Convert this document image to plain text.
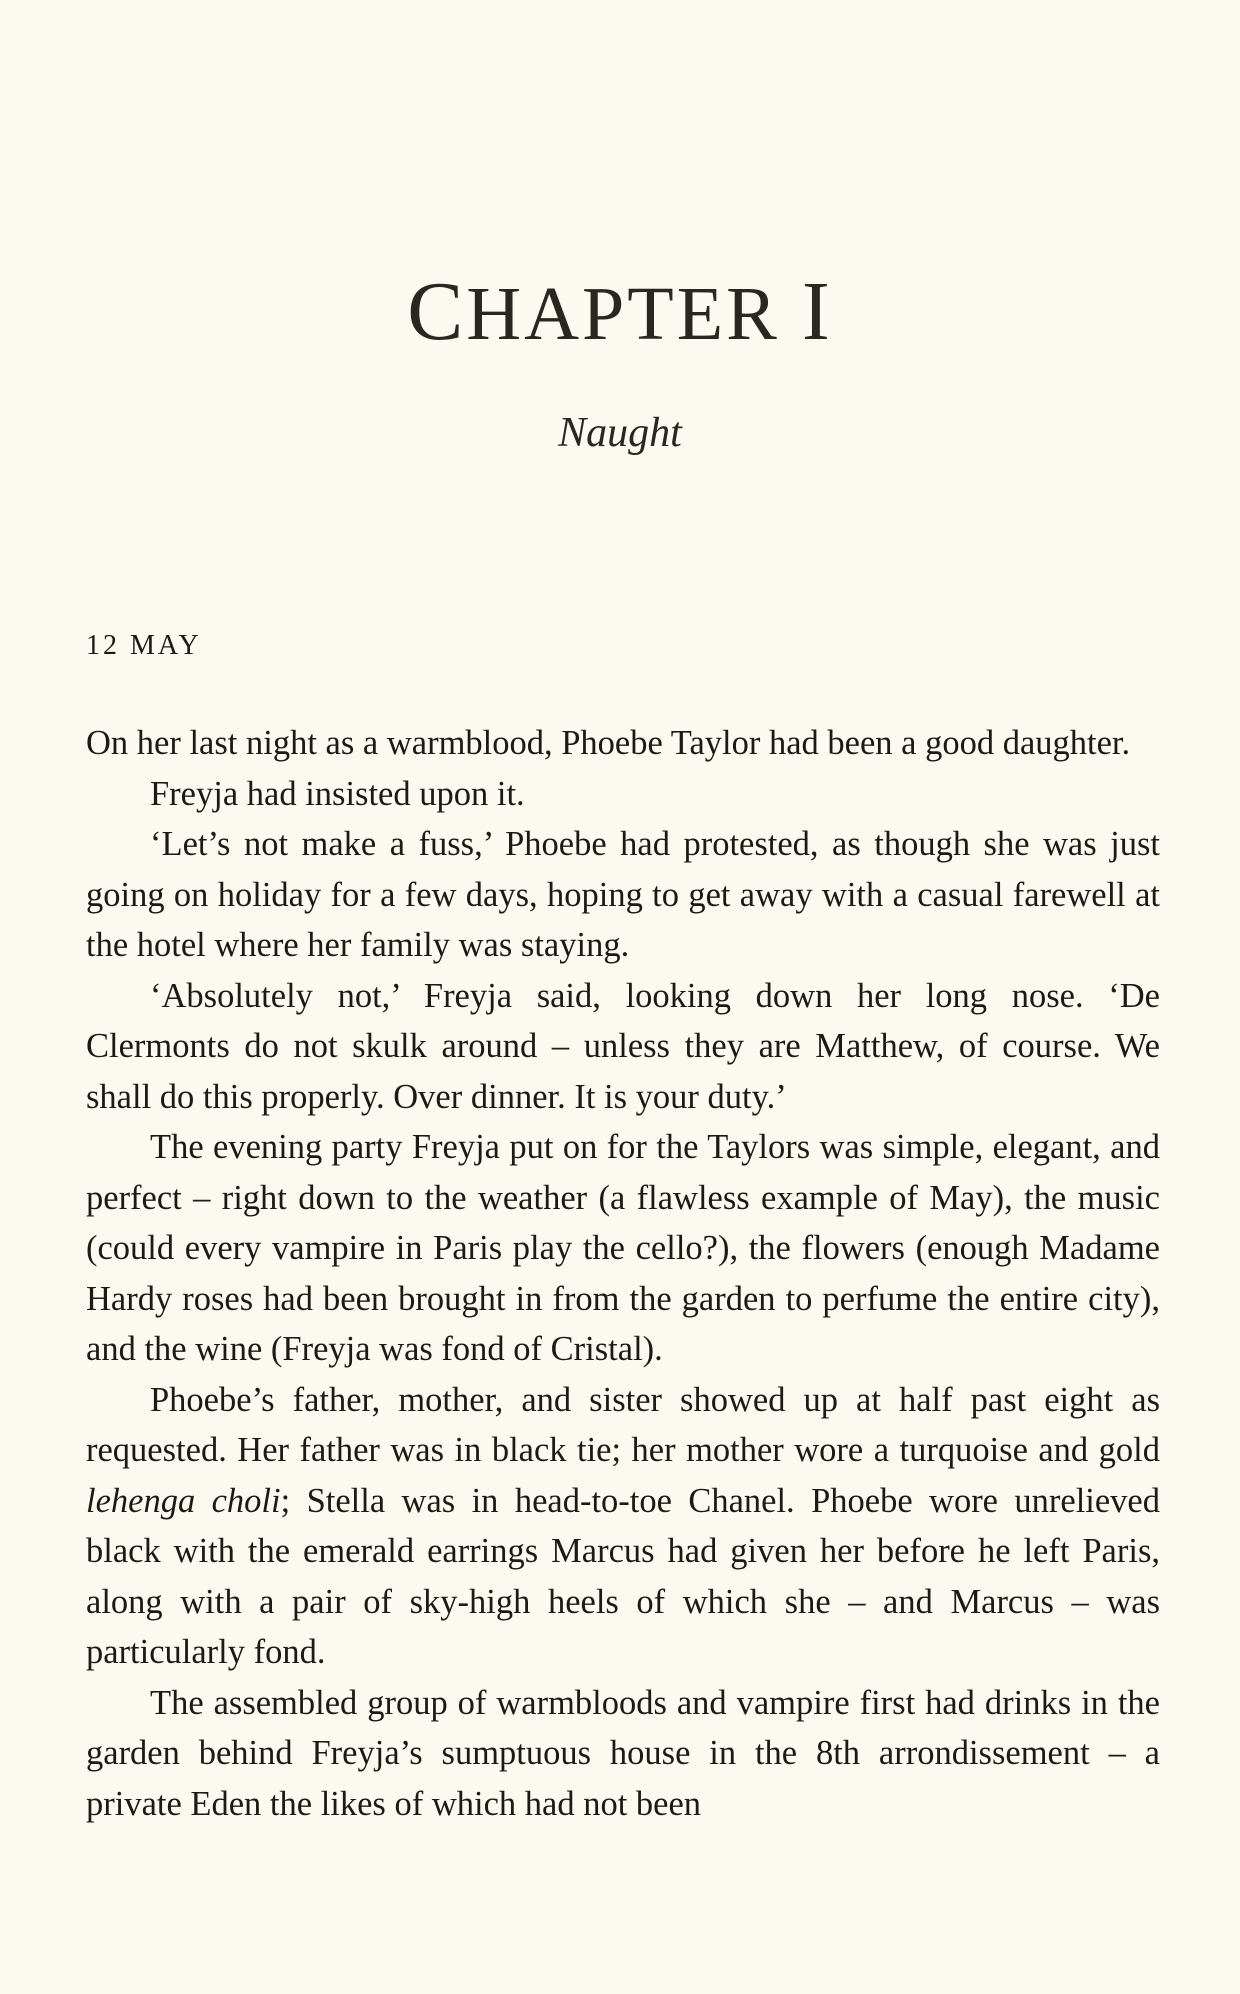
CHAPTER I
Naught
12 MAY

On her last night as a warmblood, Phoebe Taylor had been a good daughter.

Freyja had insisted upon it.

‘Let’s not make a fuss,’ Phoebe had protested, as though she was just going on holiday for a few days, hoping to get away with a casual farewell at the hotel where her family was staying.

‘Absolutely not,’ Freyja said, looking down her long nose. ‘De Clermonts do not skulk around – unless they are Matthew, of course. We shall do this properly. Over dinner. It is your duty.’

The evening party Freyja put on for the Taylors was simple, elegant, and perfect – right down to the weather (a flawless example of May), the music (could every vampire in Paris play the cello?), the flowers (enough Madame Hardy roses had been brought in from the garden to perfume the entire city), and the wine (Freyja was fond of Cristal).

Phoebe’s father, mother, and sister showed up at half past eight as requested. Her father was in black tie; her mother wore a turquoise and gold lehenga choli; Stella was in head-to-toe Chanel. Phoebe wore unrelieved black with the emerald earrings Marcus had given her before he left Paris, along with a pair of sky-high heels of which she – and Marcus – was particularly fond.

The assembled group of warmbloods and vampire first had drinks in the garden behind Freyja’s sumptuous house in the 8th arrondissement – a private Eden the likes of which had not been
